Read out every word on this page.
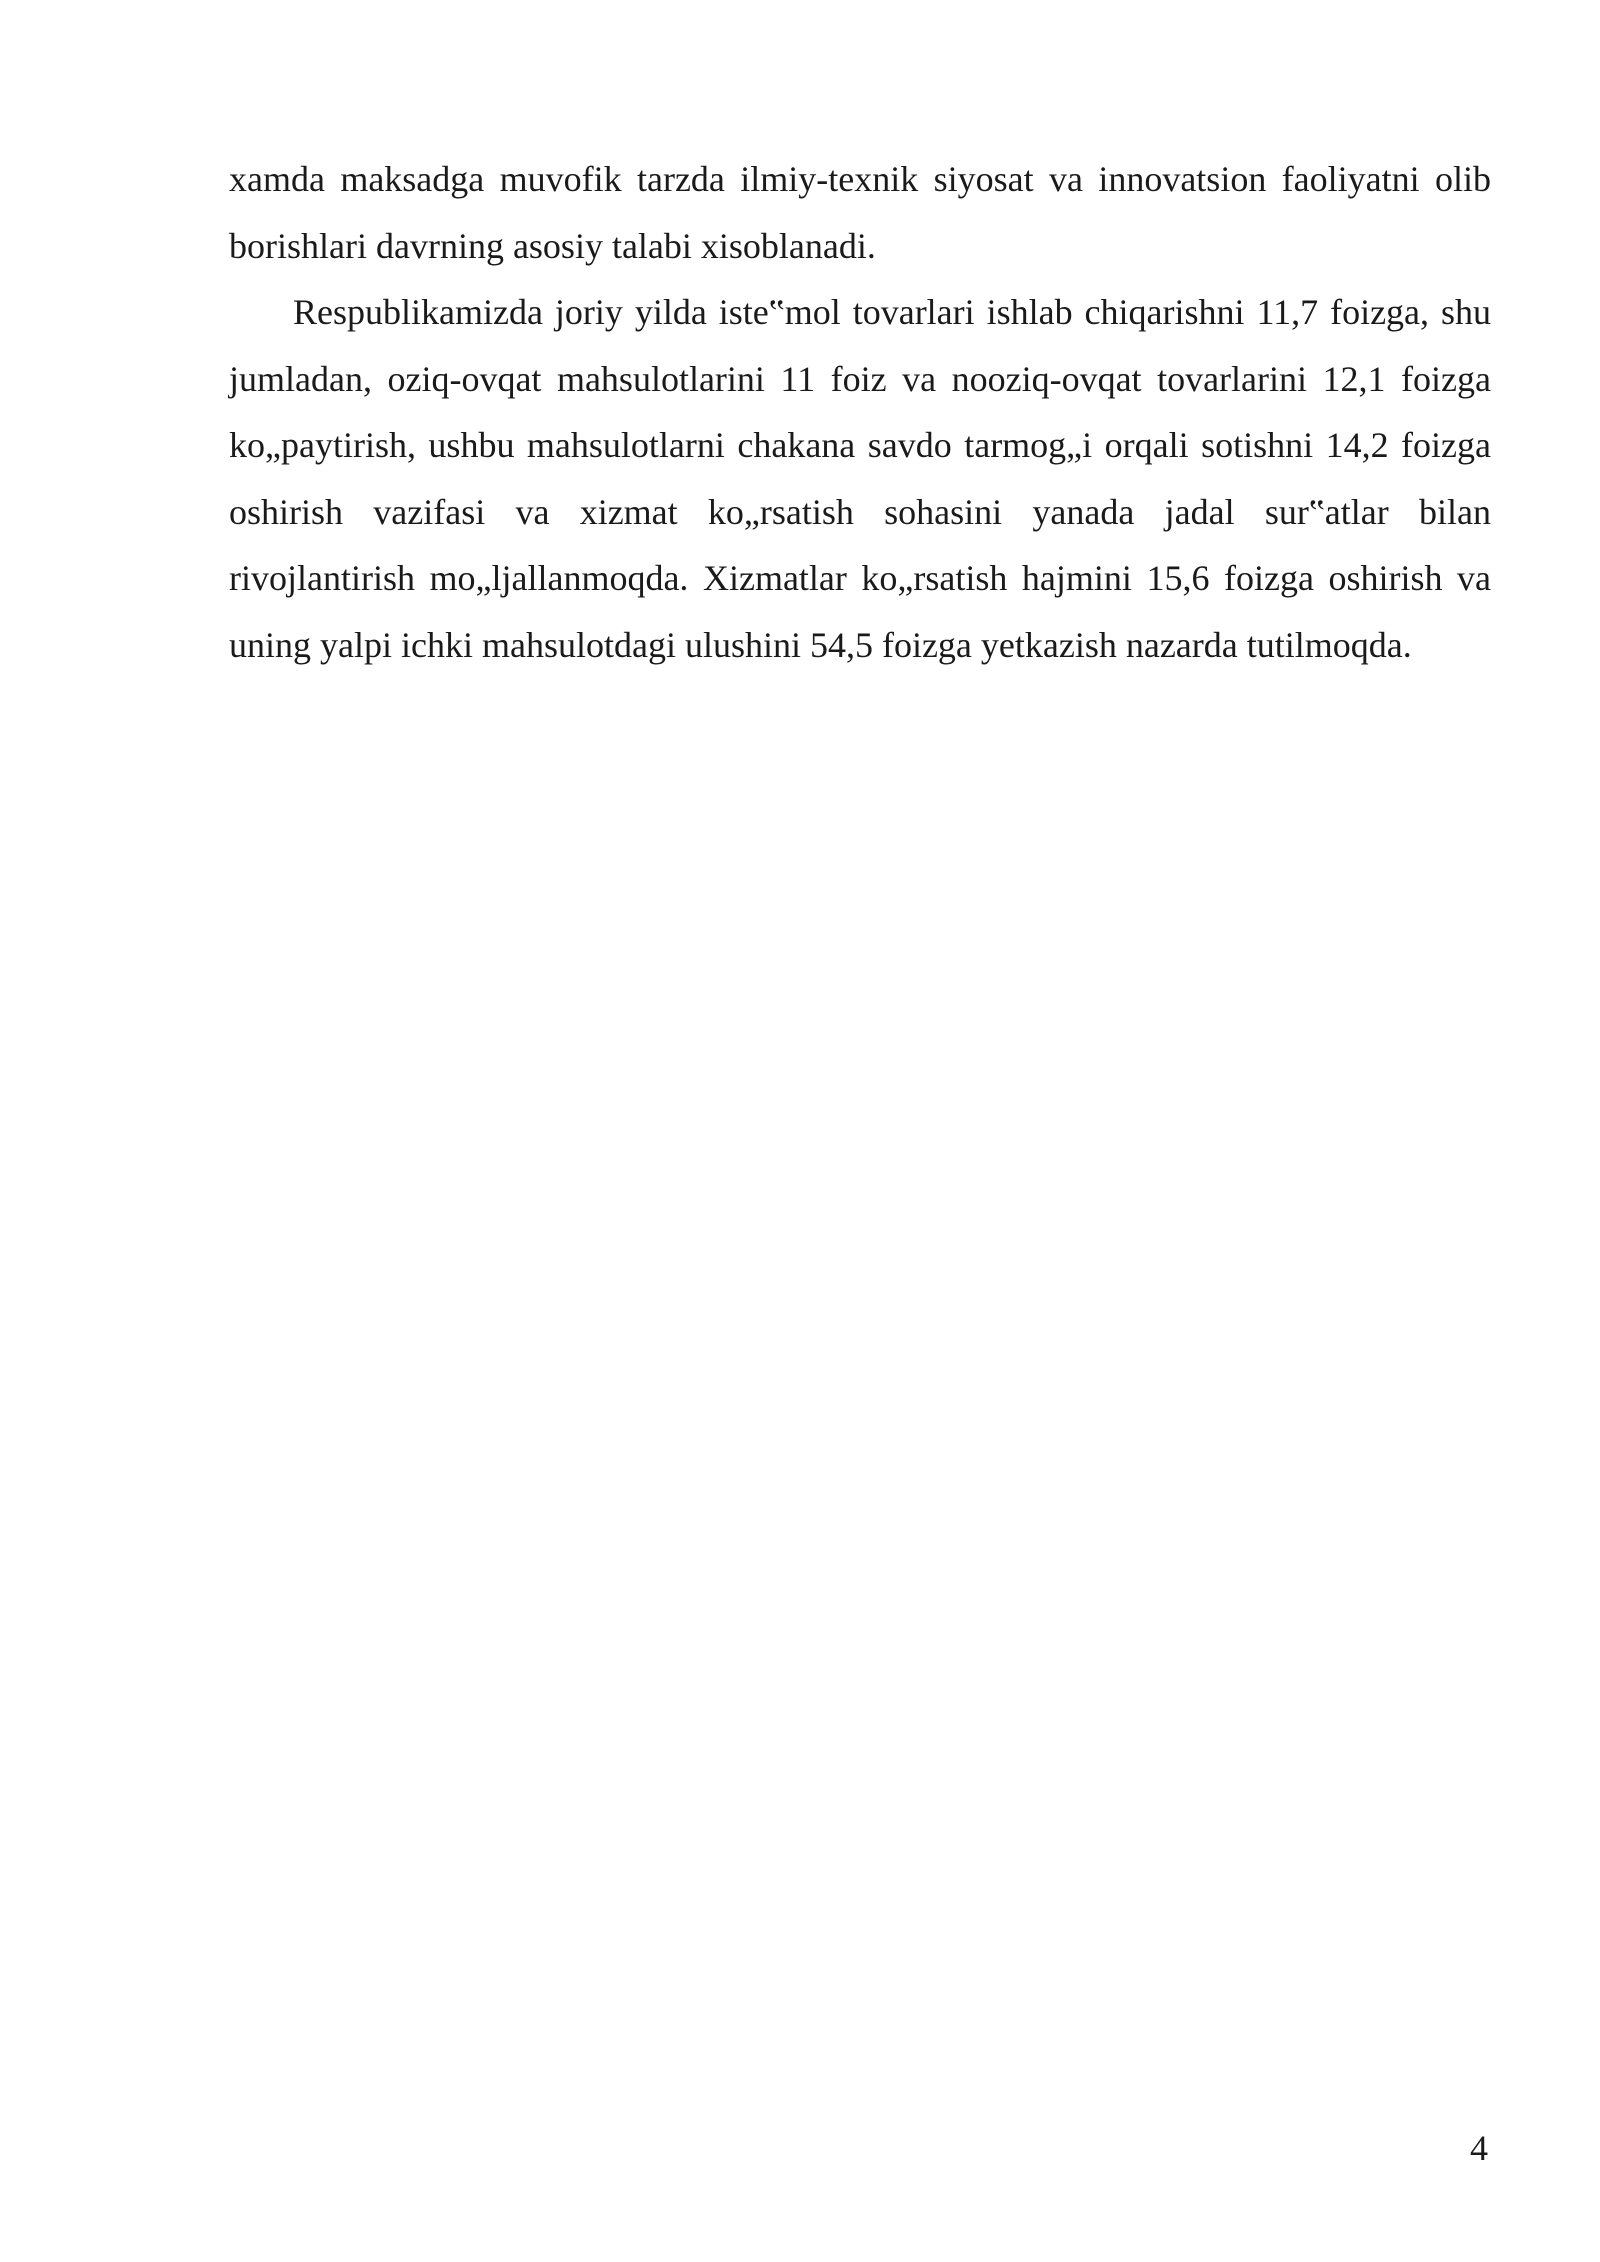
xamda maksadga muvofik tarzda ilmiy-texnik siyosat va innovatsion faoliyatni olib borishlari davrning asosiy talabi xisoblanadi.

Respublikamizda joriy yilda iste‟mol tovarlari ishlab chiqarishni 11,7 foizga, shu jumladan, oziq-ovqat mahsulotlarini 11 foiz va nooziq-ovqat tovarlarini 12,1 foizga ko„paytirish, ushbu mahsulotlarni chakana savdo tarmog„i orqali sotishni 14,2 foizga oshirish vazifasi va xizmat ko„rsatish sohasini yanada jadal sur‟atlar bilan rivojlantirish mo„ljallanmoqda. Xizmatlar ko„rsatish hajmini 15,6 foizga oshirish va uning yalpi ichki mahsulotdagi ulushini 54,5 foizga yetkazish nazarda tutilmoqda.

4
